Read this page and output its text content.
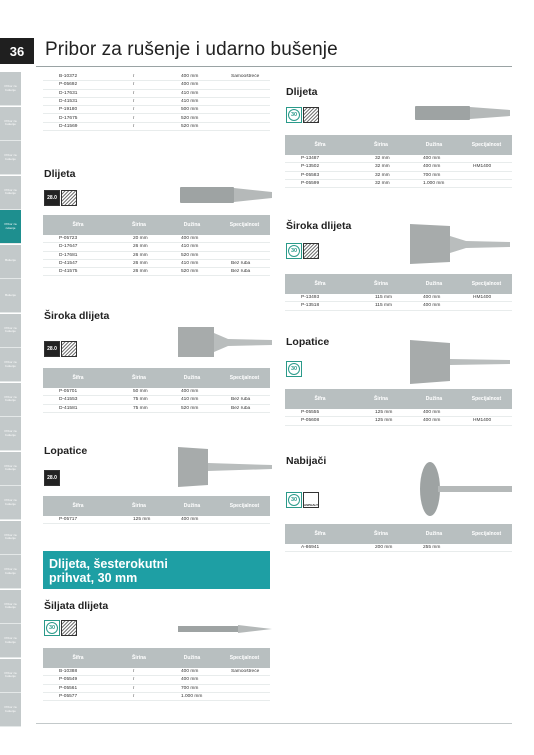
36	Pribor za rušenje i udarno bušenje
Pribor za bušenje
Pribor za bušenje
Pribor za bušenje
Pribor za bušenje
Pribor za rušenje
Bušenje
Bušenje
Pribor za bušenje
Pribor za bušenje
Pribor za bušenje
Pribor za bušenje
Pribor za bušenje
Pribor za bušenje
Pribor za bušenje
Pribor za bušenje
Pribor za bušenje
Pribor za bušenje
Pribor za bušenje
Pribor za bušenje
B-10372	/	400 mm	Samooštreće
P-05692	/	400 mm
D-17631	/	410 mm
D-41531	/	410 mm
P-19180	/	500 mm
D-17675	/	520 mm
D-41569	/	520 mm
Dlijeta
28.0
Šifra	Širina	Dužina	Specijalnost
P-05723	20 mm	400 mm
D-17647	26 mm	410 mm
D-17681	26 mm	520 mm
D-41547	26 mm	410 mm	Bez ruba
D-41575	26 mm	520 mm	Bez ruba
Široka dlijeta
28.0
Šifra	Širina	Dužina	Specijalnost
P-05701	50 mm	400 mm
D-41553	75 mm	410 mm	Bez ruba
D-41581	75 mm	520 mm	Bez ruba
Lopatice
28.0
Šifra	Širina	Dužina	Specijalnost
P-05717	125 mm	400 mm
Dlijeta, šesterokutni
prihvat, 30 mm
Šiljata dlijeta
30
Šifra	Širina	Dužina	Specijalnost
B-10388	/	400 mm	Samooštreće
P-05549	/	400 mm
P-05561	/	700 mm
P-05577	/	1.000 mm
Dlijeta
30
Šifra	Širina	Dužina	Specijalnost
P-13487	32 mm	400 mm
P-13502	32 mm	400 mm	HM1400
P-05583	32 mm	700 mm
P-05599	32 mm	1.000 mm
Široka dlijeta
30
Šifra	Širina	Dužina	Specijalnost
P-13493	115 mm	400 mm	HM1400
P-13518	115 mm	400 mm
Lopatice
30
Šifra	Širina	Dužina	Specijalnost
P-05555	125 mm	400 mm
P-05608	125 mm	400 mm	HM1400
Nabijači
30
ASPHALT
Šifra	Širina	Dužina	Specijalnost
A-86941	200 mm	255 mm
